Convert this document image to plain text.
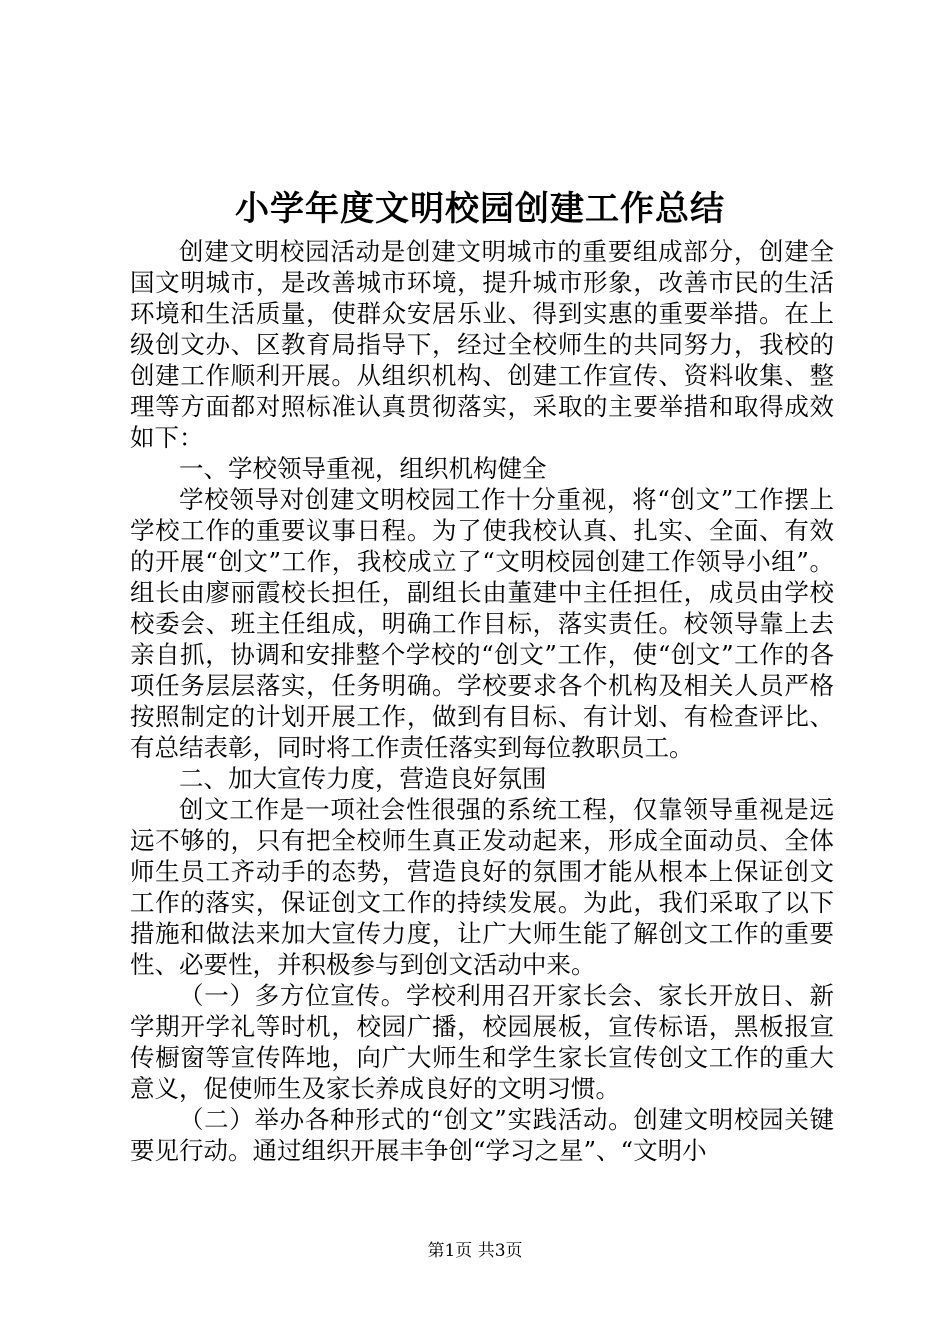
小学年度文明校园创建工作总结

创建文明校园活动是创建文明城市的重要组成部分，创建全国文明城市，是改善城市环境，提升城市形象，改善市民的生活环境和生活质量，使群众安居乐业、得到实惠的重要举措。在上级创文办、区教育局指导下，经过全校师生的共同努力，我校的创建工作顺利开展。从组织机构、创建工作宣传、资料收集、整理等方面都对照标准认真贯彻落实，采取的主要举措和取得成效如下：

一、学校领导重视，组织机构健全

学校领导对创建文明校园工作十分重视，将“创文”工作摆上学校工作的重要议事日程。为了使我校认真、扎实、全面、有效的开展“创文”工作，我校成立了“文明校园创建工作领导小组”。组长由廖丽霞校长担任，副组长由董建中主任担任，成员由学校校委会、班主任组成，明确工作目标，落实责任。校领导靠上去亲自抓，协调和安排整个学校的“创文”工作，使“创文”工作的各项任务层层落实，任务明确。学校要求各个机构及相关人员严格按照制定的计划开展工作，做到有目标、有计划、有检查评比、有总结表彰，同时将工作责任落实到每位教职员工。

二、加大宣传力度，营造良好氛围

创文工作是一项社会性很强的系统工程，仅靠领导重视是远远不够的，只有把全校师生真正发动起来，形成全面动员、全体师生员工齐动手的态势，营造良好的氛围才能从根本上保证创文工作的落实，保证创文工作的持续发展。为此，我们采取了以下措施和做法来加大宣传力度，让广大师生能了解创文工作的重要性、必要性，并积极参与到创文活动中来。

（一）多方位宣传。学校利用召开家长会、家长开放日、新学期开学礼等时机，校园广播，校园展板，宣传标语，黑板报宣传橱窗等宣传阵地，向广大师生和学生家长宣传创文工作的重大意义，促使师生及家长养成良好的文明习惯。

（二）举办各种形式的“创文”实践活动。创建文明校园关键要见行动。通过组织开展丰争创“学习之星”、“文明小

第1页 共3页
